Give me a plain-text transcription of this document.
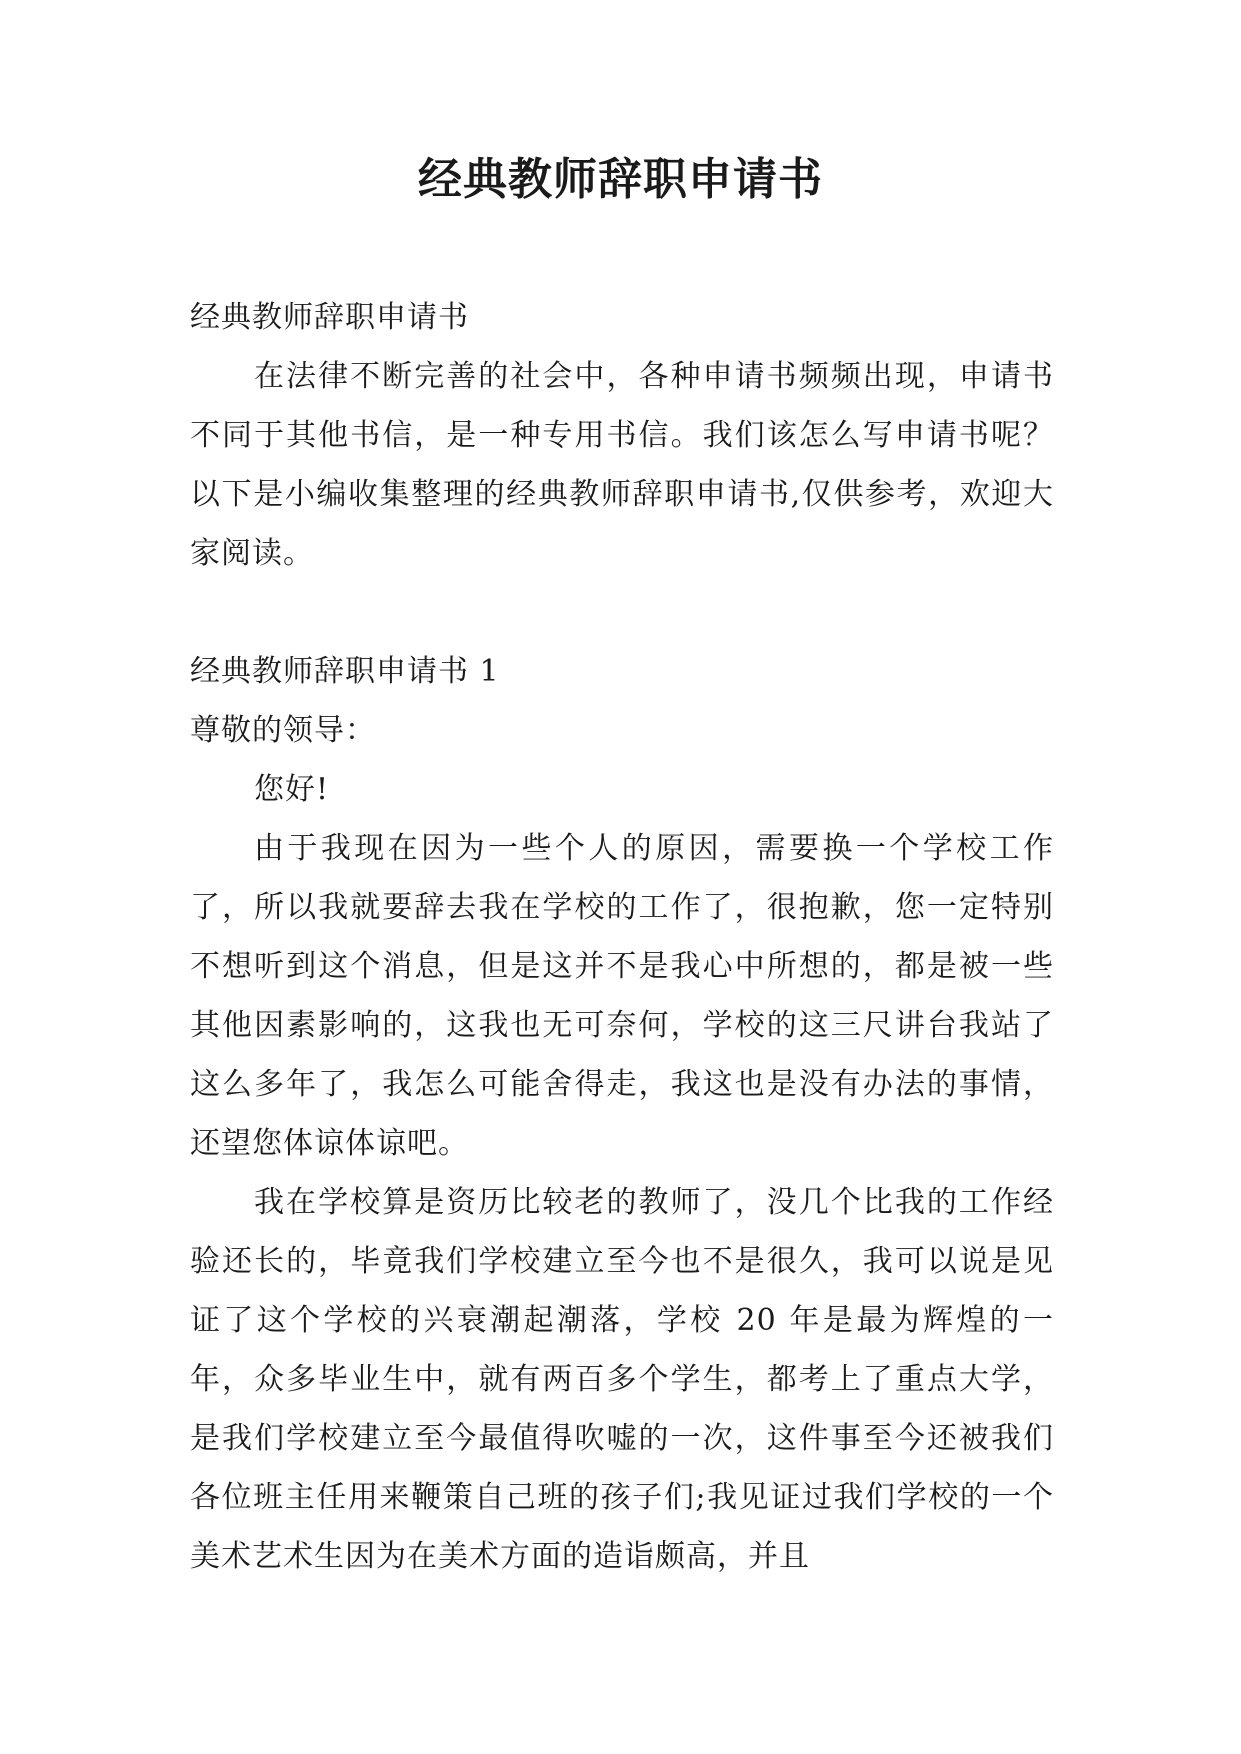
经典教师辞职申请书

经典教师辞职申请书

在法律不断完善的社会中，各种申请书频频出现，申请书不同于其他书信，是一种专用书信。我们该怎么写申请书呢？以下是小编收集整理的经典教师辞职申请书,仅供参考，欢迎大家阅读。

经典教师辞职申请书 1

尊敬的领导：

您好!

由于我现在因为一些个人的原因，需要换一个学校工作了，所以我就要辞去我在学校的工作了，很抱歉，您一定特别不想听到这个消息，但是这并不是我心中所想的，都是被一些其他因素影响的，这我也无可奈何，学校的这三尺讲台我站了这么多年了，我怎么可能舍得走，我这也是没有办法的事情，还望您体谅体谅吧。

我在学校算是资历比较老的教师了，没几个比我的工作经验还长的，毕竟我们学校建立至今也不是很久，我可以说是见证了这个学校的兴衰潮起潮落，学校 20 年是最为辉煌的一年，众多毕业生中，就有两百多个学生，都考上了重点大学，是我们学校建立至今最值得吹嘘的一次，这件事至今还被我们各位班主任用来鞭策自己班的孩子们;我见证过我们学校的一个美术艺术生因为在美术方面的造诣颇高，并且
